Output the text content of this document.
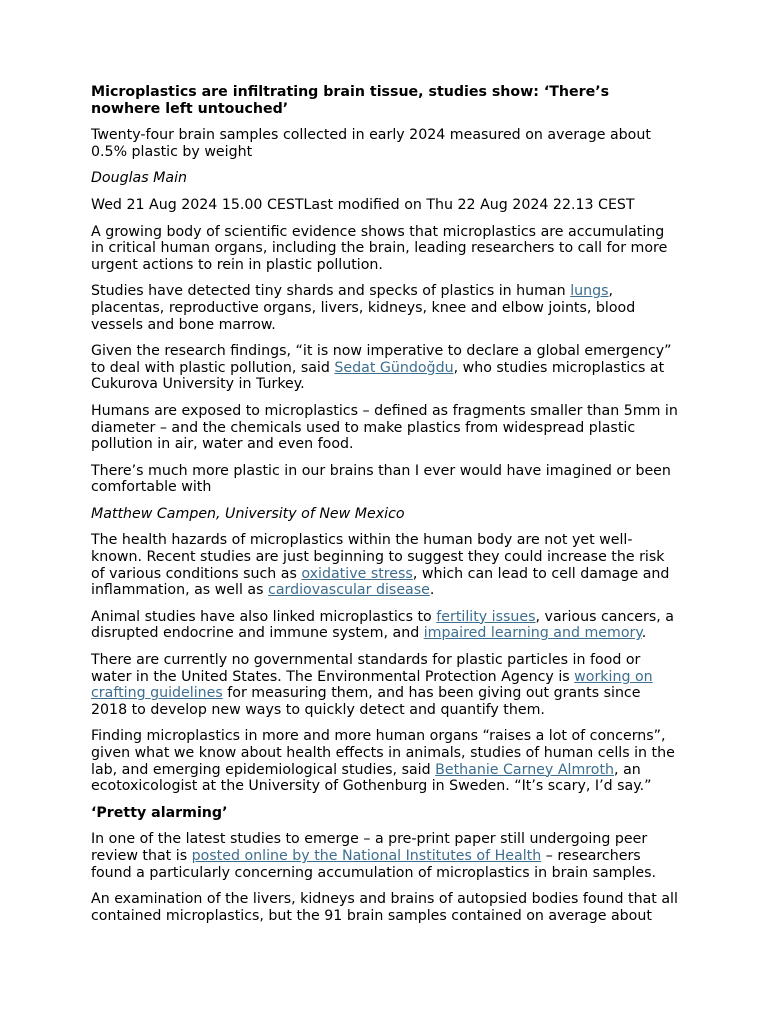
Microplastics are infiltrating brain tissue, studies show: ‘There’s nowhere left untouched’

Twenty-four brain samples collected in early 2024 measured on average about 0.5% plastic by weight

Douglas Main

Wed 21 Aug 2024 15.00 CESTLast modified on Thu 22 Aug 2024 22.13 CEST

A growing body of scientific evidence shows that microplastics are accumulating in critical human organs, including the brain, leading researchers to call for more urgent actions to rein in plastic pollution.

Studies have detected tiny shards and specks of plastics in human lungs, placentas, reproductive organs, livers, kidneys, knee and elbow joints, blood vessels and bone marrow.

Given the research findings, “it is now imperative to declare a global emergency” to deal with plastic pollution, said Sedat Gündoğdu, who studies microplastics at Cukurova University in Turkey.

Humans are exposed to microplastics – defined as fragments smaller than 5mm in diameter – and the chemicals used to make plastics from widespread plastic pollution in air, water and even food.

There’s much more plastic in our brains than I ever would have imagined or been comfortable with

Matthew Campen, University of New Mexico

The health hazards of microplastics within the human body are not yet well-known. Recent studies are just beginning to suggest they could increase the risk of various conditions such as oxidative stress, which can lead to cell damage and inflammation, as well as cardiovascular disease.

Animal studies have also linked microplastics to fertility issues, various cancers, a disrupted endocrine and immune system, and impaired learning and memory.

There are currently no governmental standards for plastic particles in food or water in the United States. The Environmental Protection Agency is working on crafting guidelines for measuring them, and has been giving out grants since 2018 to develop new ways to quickly detect and quantify them.

Finding microplastics in more and more human organs “raises a lot of concerns”, given what we know about health effects in animals, studies of human cells in the lab, and emerging epidemiological studies, said Bethanie Carney Almroth, an ecotoxicologist at the University of Gothenburg in Sweden. “It’s scary, I’d say.”

‘Pretty alarming’

In one of the latest studies to emerge – a pre-print paper still undergoing peer review that is posted online by the National Institutes of Health – researchers found a particularly concerning accumulation of microplastics in brain samples.

An examination of the livers, kidneys and brains of autopsied bodies found that all contained microplastics, but the 91 brain samples contained on average about
